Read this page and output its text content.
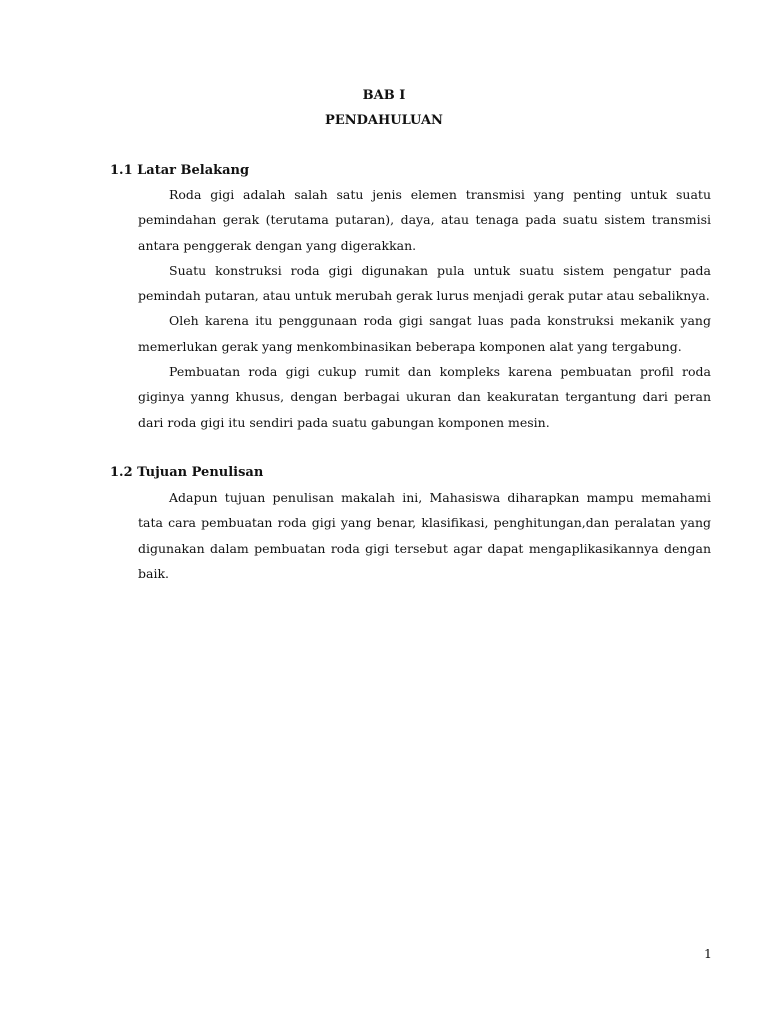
BAB I
PENDAHULUAN
1.1 Latar Belakang

Roda gigi adalah salah satu jenis elemen transmisi yang penting untuk suatu pemindahan gerak (terutama putaran), daya, atau tenaga pada suatu sistem transmisi antara penggerak dengan yang digerakkan.

Suatu konstruksi roda gigi digunakan pula untuk suatu sistem pengatur pada pemindah putaran, atau untuk merubah gerak lurus menjadi gerak putar atau sebaliknya.

Oleh karena itu penggunaan roda gigi sangat luas pada konstruksi mekanik yang memerlukan gerak yang menkombinasikan beberapa komponen alat yang tergabung.

Pembuatan roda gigi cukup rumit dan kompleks karena pembuatan profil roda giginya yanng khusus, dengan berbagai ukuran dan keakuratan tergantung dari peran dari roda gigi itu sendiri pada suatu gabungan komponen mesin.

1.2 Tujuan Penulisan

Adapun tujuan penulisan makalah ini, Mahasiswa diharapkan mampu memahami tata cara pembuatan roda gigi yang benar, klasifikasi, penghitungan,dan peralatan yang digunakan dalam pembuatan roda gigi tersebut agar dapat mengaplikasikannya dengan baik.

1
